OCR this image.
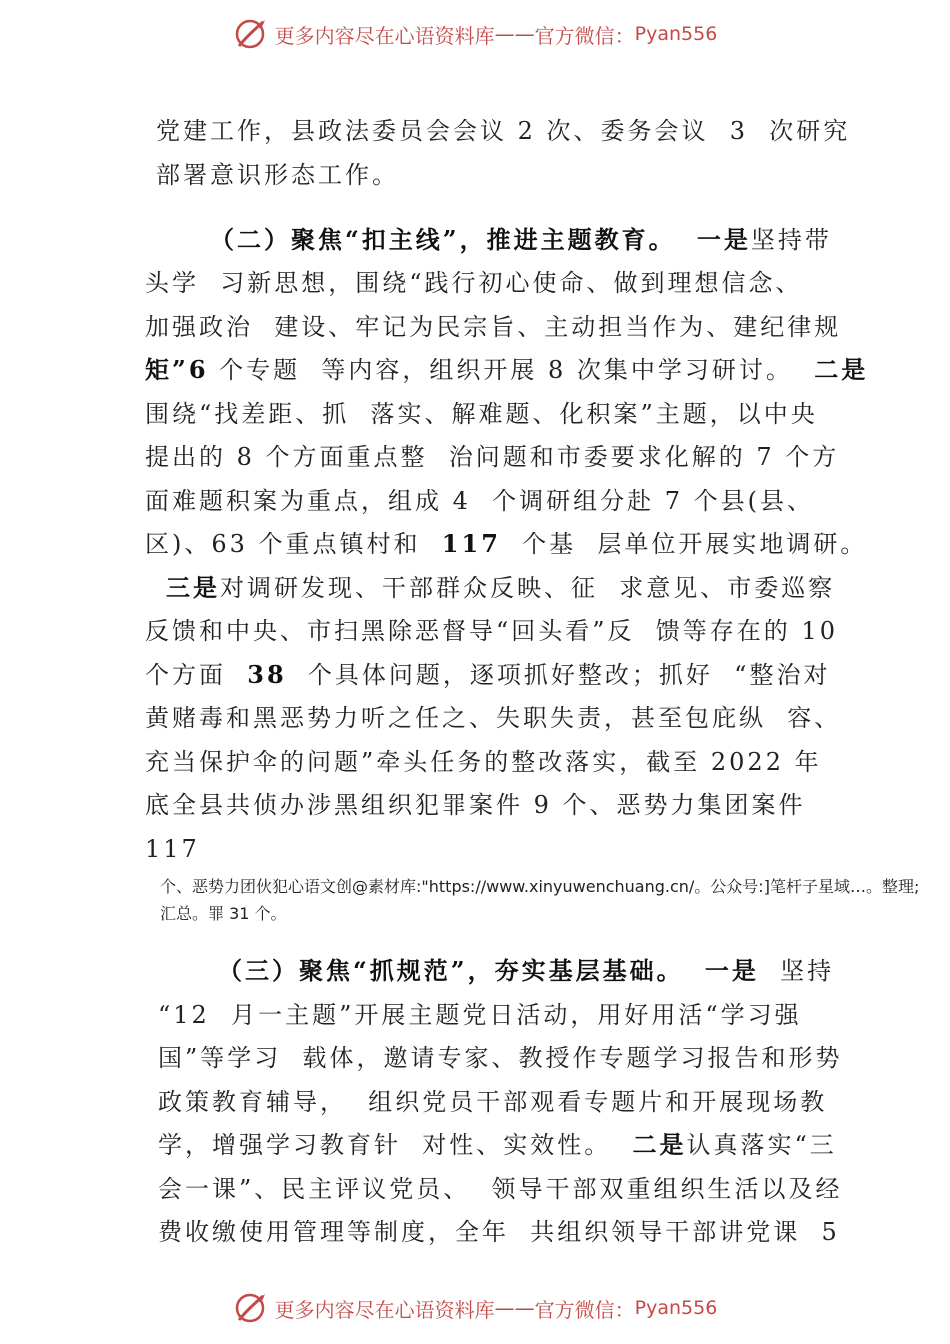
更多内容尽在心语资料库 —— 官方微信： Pyan556
党建工作，县政法委员会会议 2 次、委务会议  3  次研究
部署意识形态工作。
（二）聚焦“扣主线”，推进主题教育。 一是坚持带
头学  习新思想，围绕“践行初心使命、做到理想信念、
加强政治  建设、牢记为民宗旨、主动担当作为、建纪律规
矩”6 个专题  等内容，组织开展 8 次集中学习研讨。 二是
围绕“找差距、抓  落实、解难题、化积案”主题，以中央
提出的 8 个方面重点整  治问题和市委要求化解的 7 个方
面难题积案为重点，组成 4  个调研组分赴 7 个县(县、
区)、63 个重点镇村和  117  个基  层单位开展实地调研。
三是对调研发现、干部群众反映、征  求意见、市委巡察
反馈和中央、市扫黑除恶督导“回头看”反  馈等存在的 10
个方面  38  个具体问题，逐项抓好整改；抓好  “整治对
黄赌毒和黑恶势力听之任之、失职失责，甚至包庇纵  容、
充当保护伞的问题”牵头任务的整改落实，截至 2022 年
底全县共侦办涉黑组织犯罪案件 9 个、恶势力集团案件
117
个、恶势力团伙犯心语文创@素材库:"https://www.xinyuwenchuang.cn/。公众号:]笔杆子星域…。整理;汇总。罪 31 个。
（三）聚焦“抓规范”，夯实基层基础。 一是 坚持
“12  月一主题”开展主题党日活动，用好用活“学习强
国”等学习  载体，邀请专家、教授作专题学习报告和形势
政策教育辅导，  组织党员干部观看专题片和开展现场教
学，增强学习教育针  对性、实效性。  二是认真落实“三
会一课”、民主评议党员、  领导干部双重组织生活以及经
费收缴使用管理等制度，全年  共组织领导干部讲党课  5
更多内容尽在心语资料库 —— 官方微信： Pyan556
